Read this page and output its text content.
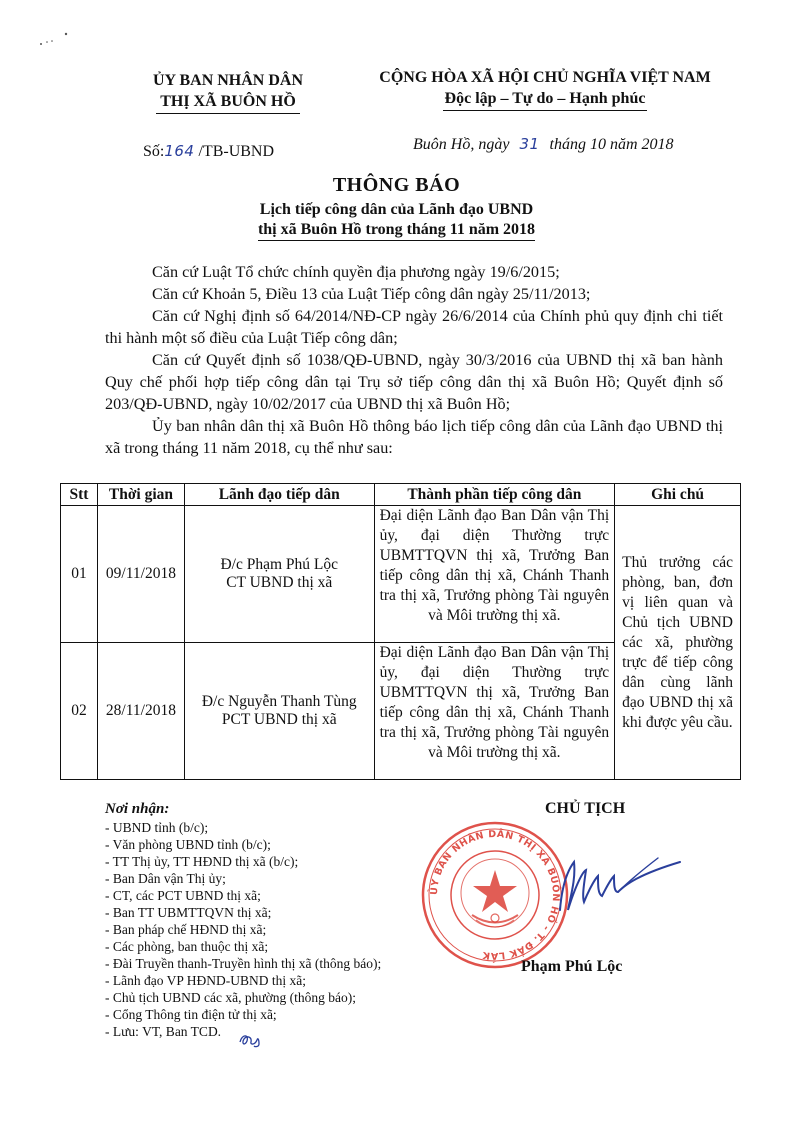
ỦY BAN NHÂN DÂN
THỊ XÃ BUÔN HỒ
CỘNG HÒA XÃ HỘI CHỦ NGHĨA VIỆT NAM
Độc lập – Tự do – Hạnh phúc
Số:164 /TB-UBND	Buôn Hồ, ngày 31 tháng 10 năm 2018
THÔNG BÁO
Lịch tiếp công dân của Lãnh đạo UBND
thị xã Buôn Hồ trong tháng 11 năm 2018

Căn cứ Luật Tổ chức chính quyền địa phương ngày 19/6/2015;

Căn cứ Khoản 5, Điều 13 của Luật Tiếp công dân ngày 25/11/2013;

Căn cứ Nghị định số 64/2014/NĐ-CP ngày 26/6/2014 của Chính phủ quy định chi tiết thi hành một số điều của Luật Tiếp công dân;

Căn cứ Quyết định số 1038/QĐ-UBND, ngày 30/3/2016 của UBND thị xã ban hành Quy chế phối hợp tiếp công dân tại Trụ sở tiếp công dân thị xã Buôn Hồ; Quyết định số 203/QĐ-UBND, ngày 10/02/2017 của UBND thị xã Buôn Hồ;

Ủy ban nhân dân thị xã Buôn Hồ thông báo lịch tiếp công dân của Lãnh đạo UBND thị xã trong tháng 11 năm 2018, cụ thể như sau:

Stt	Thời gian	Lãnh đạo tiếp dân	Thành phần tiếp công dân	Ghi chú
01	09/11/2018	Đ/c Phạm Phú Lộc
CT UBND thị xã	Đại diện Lãnh đạo Ban Dân vận Thị ủy, đại diện Thường trực UBMTTQVN thị xã, Trưởng Ban tiếp công dân thị xã, Chánh Thanh tra thị xã, Trưởng phòng Tài nguyên và Môi trường thị xã.	Thủ trưởng các phòng, ban, đơn vị liên quan và Chủ tịch UBND các xã, phường trực để tiếp công dân cùng lãnh đạo UBND thị xã khi được yêu cầu.
02	28/11/2018	Đ/c Nguyễn Thanh Tùng
PCT UBND thị xã	Đại diện Lãnh đạo Ban Dân vận Thị ủy, đại diện Thường trực UBMTTQVN thị xã, Trưởng Ban tiếp công dân thị xã, Chánh Thanh tra thị xã, Trưởng phòng Tài nguyên và Môi trường thị xã.	
Nơi nhận:
- UBND tỉnh (b/c);
- Văn phòng UBND tỉnh (b/c);
- TT Thị ủy, TT HĐND thị xã (b/c);
- Ban Dân vận Thị ủy;
- CT, các PCT UBND thị xã;
- Ban TT UBMTTQVN thị xã;
- Ban pháp chế HĐND thị xã;
- Các phòng, ban thuộc thị xã;
- Đài Truyền thanh-Truyền hình thị xã (thông báo);
- Lãnh đạo VP HĐND-UBND thị xã;
- Chủ tịch UBND các xã, phường (thông báo);
- Cổng Thông tin điện tử thị xã;
- Lưu: VT, Ban TCD.
CHỦ TỊCH
ỦY BAN NHÂN DÂN THỊ XÃ BUÔN HỒ - T. ĐẮK LẮK
Phạm Phú Lộc
